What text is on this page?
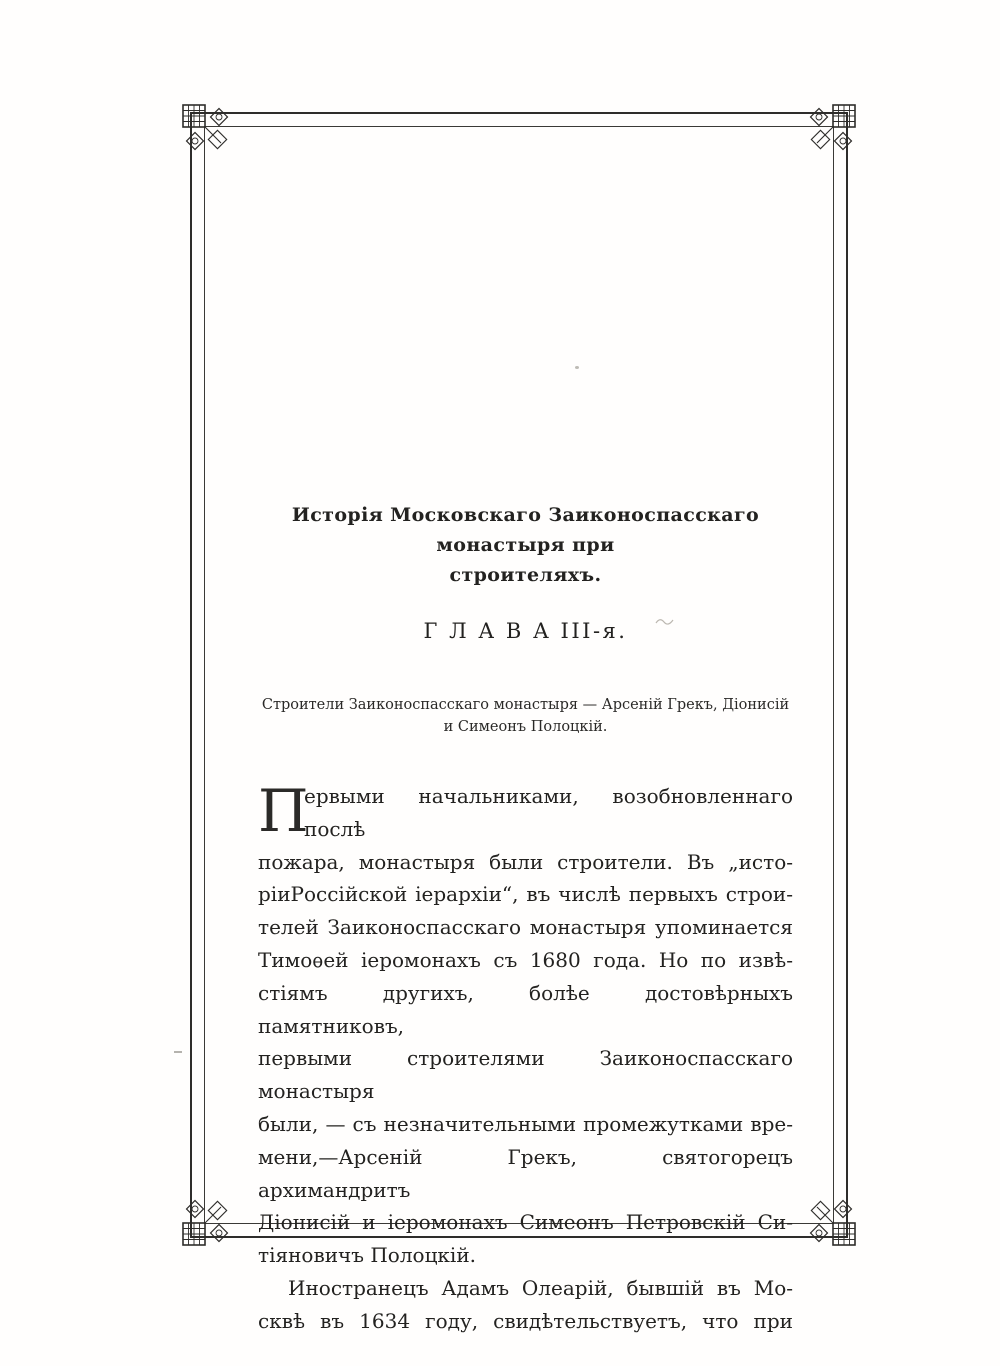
Исторія Московскаго Заиконоспасскаго монастыря при
строителяхъ.
Г Л А В А III-я.
Строители Заиконоспасскаго монастыря — Арсеній Грекъ, Діонисій
и Симеонъ Полоцкій.
П
ервыми начальниками, возобновленнаго послѣ
пожара, монастыря были строители. Въ „исто-
ріиРоссійской іерархіи“, въ числѣ первыхъ строи-
телей Заиконоспасскаго монастыря упоминается
Тимоѳей іеромонахъ съ 1680 года. Но по извѣ-
стіямъ другихъ, болѣе достовѣрныхъ памятниковъ,
первыми строителями Заиконоспасскаго монастыря
были, — съ незначительными промежутками вре-
мени,—Арсеній Грекъ, святогорецъ архимандритъ
Діонисій и іеромонахъ Симеонъ Петровскій Си-
тіяновичъ Полоцкій.
Иностранецъ Адамъ Олеарій, бывшій въ Мо-
сквѣ въ 1634 году, свидѣтельствуетъ, что при
